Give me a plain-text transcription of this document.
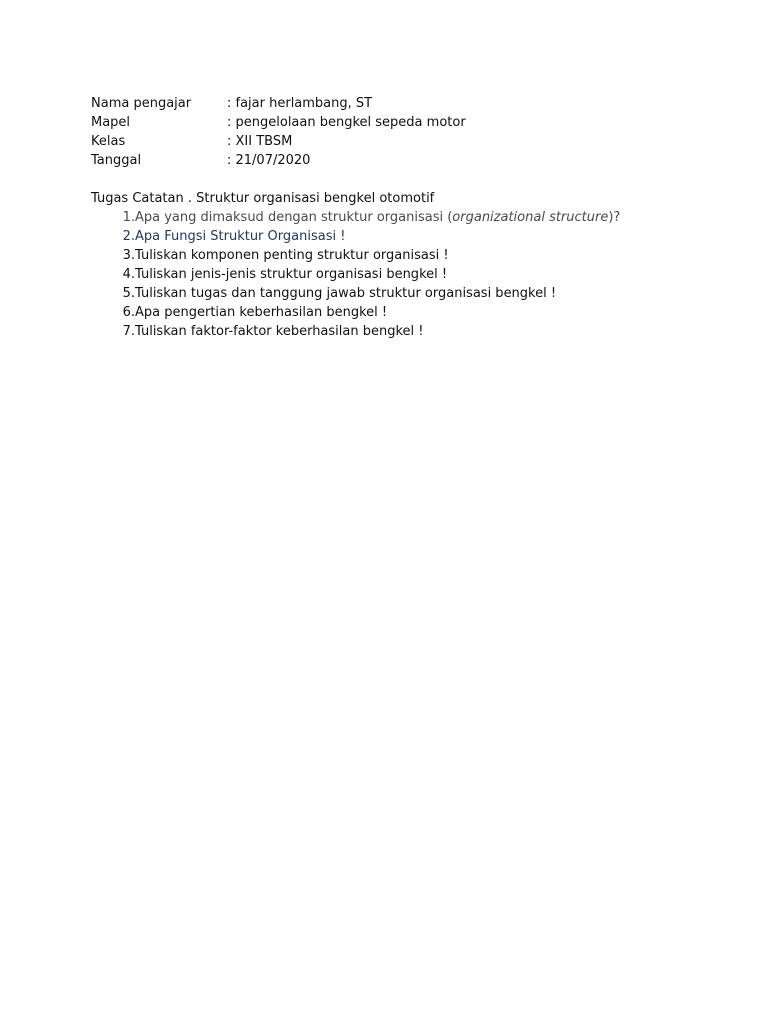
Nama pengajar	: fajar herlambang, ST
Mapel	: pengelolaan bengkel sepeda motor
Kelas	: XII TBSM
Tanggal	: 21/07/2020
Tugas Catatan . Struktur organisasi bengkel otomotif
1. Apa yang dimaksud dengan struktur organisasi (organizational structure)?
2. Apa Fungsi Struktur Organisasi !
3. Tuliskan komponen penting struktur organisasi !
4. Tuliskan jenis-jenis struktur organisasi bengkel !
5. Tuliskan tugas dan tanggung jawab struktur organisasi bengkel !
6. Apa pengertian keberhasilan bengkel !
7. Tuliskan faktor-faktor keberhasilan bengkel !
